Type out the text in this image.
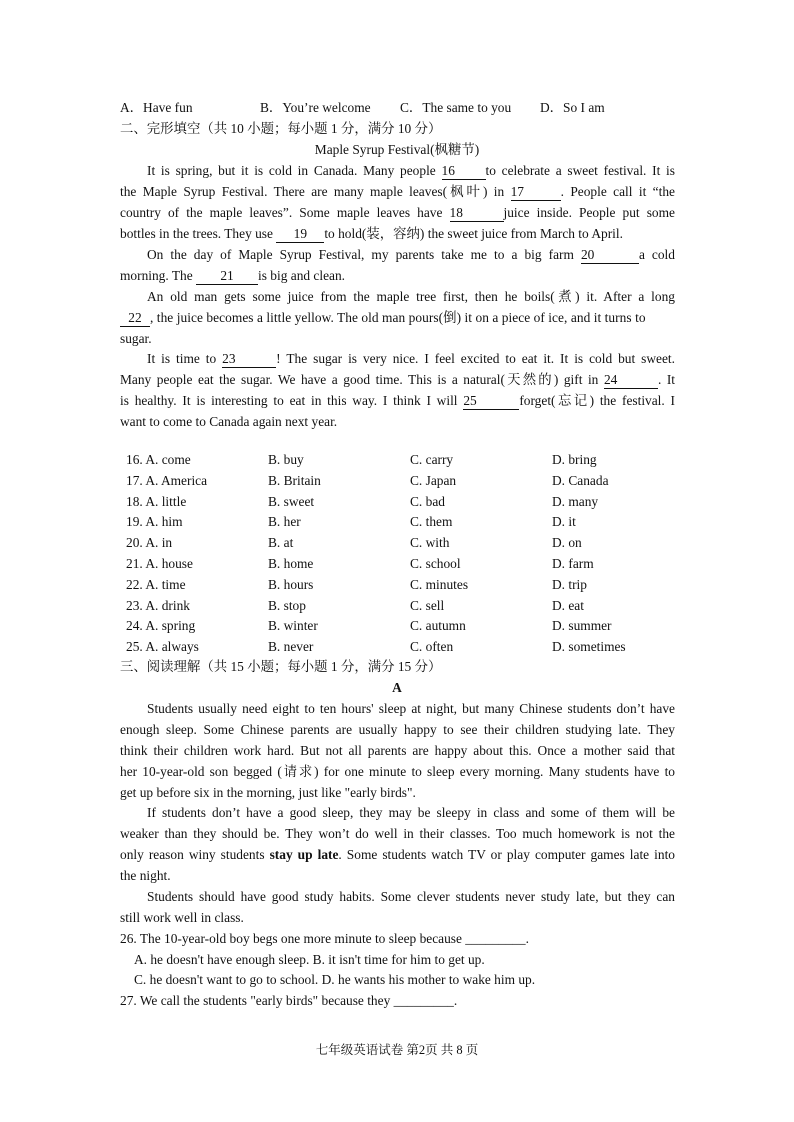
A．Have fun	B．You’re welcome C．The same to you D．So I am
二、完形填空（共 10 小题；每小题 1 分，满分 10 分）
Maple Syrup Festival(枫糖节)
It is spring, but it is cold in Canada. Many people 16 to celebrate a sweet festival. It is
the Maple Syrup Festival. There are many maple leaves(枫叶) in 17	. People call it “the
country of the maple leaves”. Some maple leaves have 18	juice inside. People put some
bottles in the trees. They use 19 to hold(装，容纳) the sweet juice from March to April.
On the day of Maple Syrup Festival, my parents take me to a big farm 20	a cold
morning. The 21 is big and clean.
An old man gets some juice from the maple tree first, then he boils(煮) it. After a long
22 , the juice becomes a little yellow. The old man pours(倒) it on a piece of ice, and it turns to
sugar.
It is time to 23	! The sugar is very nice. I feel excited to eat it. It is cold but sweet.
Many people eat the sugar. We have a good time. This is a natural(天然的) gift in 24	. It
is healthy. It is interesting to eat in this way. I think I will 25	forget(忘记) the festival. I
want to come to Canada again next year.
16. A. come	B. buy	C. carry	D. bring
17. A. America	B. Britain	C. Japan	D. Canada
18. A. little	B. sweet	C. bad	D. many
19. A. him	B. her	C. them	D. it
20. A. in	B. at	C. with	D. on
21. A. house	B. home	C. school	D. farm
22. A. time	B. hours	C. minutes	D. trip
23. A. drink	B. stop	C. sell	D. eat
24. A. spring	B. winter	C. autumn	D. summer
25. A. always	B. never	C. often	D. sometimes
三、阅读理解（共 15 小题；每小题 1 分，满分 15 分）
A
Students usually need eight to ten hours' sleep at night, but many Chinese students don’t have
enough sleep. Some Chinese parents are usually happy to see their children studying late. They
think their children work hard. But not all parents are happy about this. Once a mother said that
her 10-year-old son begged (请求) for one minute to sleep every morning. Many students have to
get up before six in the morning, just like "early birds".
If students don’t have a good sleep, they may be sleepy in class and some of them will be
weaker than they should be. They won’t do well in their classes. Too much homework is not the
only reason winy students stay up late. Some students watch TV or play computer games late into
the night.
Students should have good study habits. Some clever students never study late, but they can
still work well in class.
26. The 10-year-old boy begs one more minute to sleep because _________.
A. he doesn't have enough sleep. B. it isn't time for him to get up.
C. he doesn't want to go to school. D. he wants his mother to wake him up.
27. We call the students "early birds" because they _________.
七年级英语试卷 第2页 共 8 页
